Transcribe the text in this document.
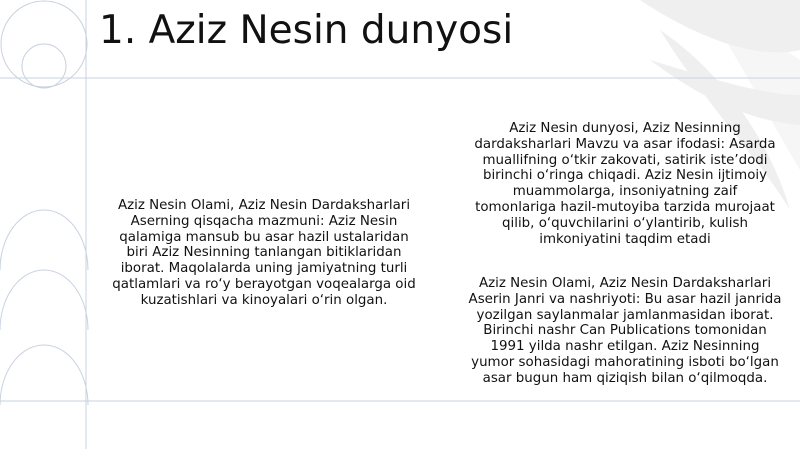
1. Aziz Nesin dunyosi
Aziz Nesin Olami, Aziz Nesin Dardaksharlari
Aserning qisqacha mazmuni: Aziz Nesin
qalamiga mansub bu asar hazil ustalaridan
biri Aziz Nesinning tanlangan bitiklaridan
iborat. Maqolalarda uning jamiyatning turli
qatlamlari va ro‘y berayotgan voqealarga oid
kuzatishlari va kinoyalari o‘rin olgan.
Aziz Nesin dunyosi, Aziz Nesinning
dardaksharlari Mavzu va asar ifodasi: Asarda
muallifning o‘tkir zakovati, satirik iste’dodi
birinchi o‘ringa chiqadi. Aziz Nesin ijtimoiy
muammolarga, insoniyatning zaif
tomonlariga hazil-mutoyiba tarzida murojaat
qilib, o‘quvchilarini o‘ylantirib, kulish
imkoniyatini taqdim etadi
Aziz Nesin Olami, Aziz Nesin Dardaksharlari
Aserin Janri va nashriyoti: Bu asar hazil janrida
yozilgan saylanmalar jamlanmasidan iborat.
Birinchi nashr Can Publications tomonidan
1991 yilda nashr etilgan. Aziz Nesinning
yumor sohasidagi mahoratining isboti bo‘lgan
asar bugun ham qiziqish bilan o‘qilmoqda.
